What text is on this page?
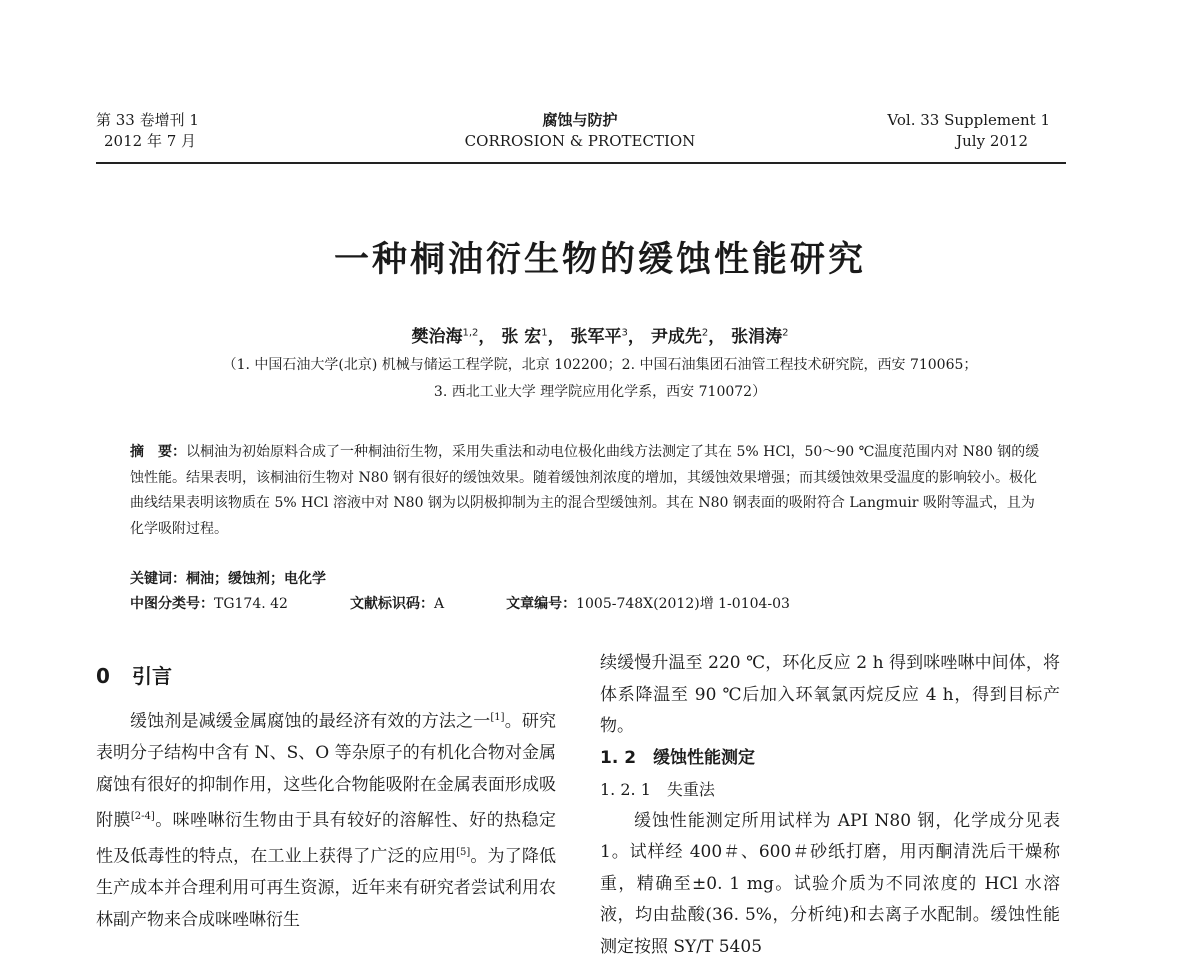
第 33 卷增刊 1
2012 年 7 月
腐蚀与防护
CORROSION & PROTECTION
Vol. 33 Supplement 1
July 2012
一种桐油衍生物的缓蚀性能研究
樊治海$^{1,2}$， 张 宏$^1$， 张军平$^3$， 尹成先$^2$， 张涓涛$^2$
（1. 中国石油大学(北京) 机械与储运工程学院，北京 102200；2. 中国石油集团石油管工程技术研究院，西安 710065；
3. 西北工业大学 理学院应用化学系，西安 710072）

摘　要：以桐油为初始原料合成了一种桐油衍生物，采用失重法和动电位极化曲线方法测定了其在 5% HCl，50～90 ℃温度范围内对 N80 钢的缓蚀性能。结果表明，该桐油衍生物对 N80 钢有很好的缓蚀效果。随着缓蚀剂浓度的增加，其缓蚀效果增强；而其缓蚀效果受温度的影响较小。极化曲线结果表明该物质在 5% HCl 溶液中对 N80 钢为以阴极抑制为主的混合型缓蚀剂。其在 N80 钢表面的吸附符合 Langmuir 吸附等温式，且为化学吸附过程。

关键词：桐油；缓蚀剂；电化学
中图分类号：TG174. 42	文献标识码：A	文章编号：1005-748X(2012)增 1-0104-03
0 引言

缓蚀剂是减缓金属腐蚀的最经济有效的方法之一[1]。研究表明分子结构中含有 N、S、O 等杂原子的有机化合物对金属腐蚀有很好的抑制作用，这些化合物能吸附在金属表面形成吸附膜[2-4]。咪唑啉衍生物由于具有较好的溶解性、好的热稳定性及低毒性的特点，在工业上获得了广泛的应用[5]。为了降低生产成本并合理利用可再生资源，近年来有研究者尝试利用农林副产物来合成咪唑啉衍生

续缓慢升温至 220 ℃，环化反应 2 h 得到咪唑啉中间体，将体系降温至 90 ℃后加入环氧氯丙烷反应 4 h，得到目标产物。

1. 2　缓蚀性能测定
1. 2. 1　失重法

缓蚀性能测定所用试样为 API N80 钢，化学成分见表 1。试样经 400＃、600＃砂纸打磨，用丙酮清洗后干燥称重，精确至±0. 1 mg。试验介质为不同浓度的 HCl 水溶液，均由盐酸(36. 5%，分析纯)和去离子水配制。缓蚀性能测定按照 SY/T 5405
